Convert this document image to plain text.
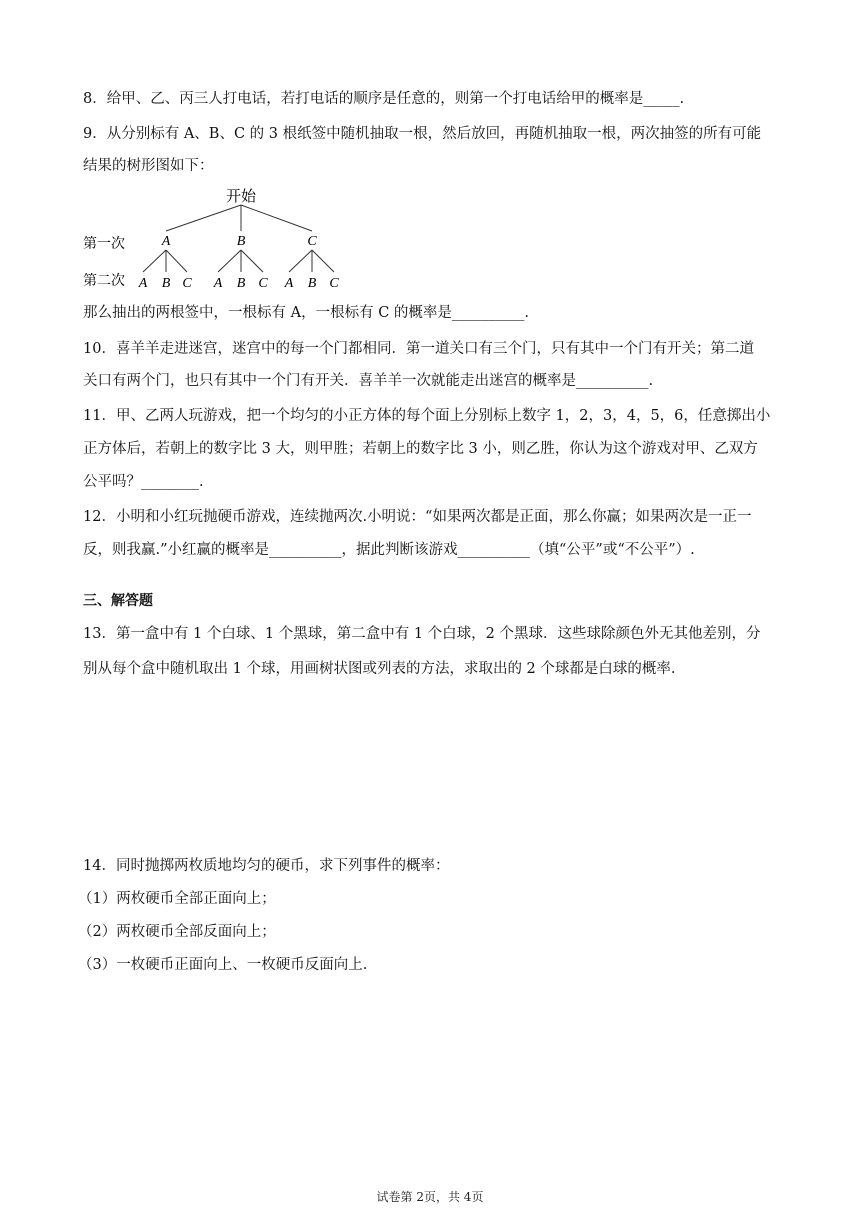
8．给甲、乙、丙三人打电话，若打电话的顺序是任意的，则第一个打电话给甲的概率是_____.
9．从分别标有 A、B、C 的 3 根纸签中随机抽取一根，然后放回，再随机抽取一根，两次抽签的所有可能
结果的树形图如下：
开始
第一次
第二次
A	B	C
A B C A B C A B C
那么抽出的两根签中，一根标有 A，一根标有 C 的概率是__________.
10．喜羊羊走进迷宫，迷宫中的每一个门都相同．第一道关口有三个门，只有其中一个门有开关；第二道
关口有两个门，也只有其中一个门有开关．喜羊羊一次就能走出迷宫的概率是__________.
11．甲、乙两人玩游戏，把一个均匀的小正方体的每个面上分别标上数字 1，2，3，4，5，6，任意掷出小
正方体后，若朝上的数字比 3 大，则甲胜；若朝上的数字比 3 小，则乙胜，你认为这个游戏对甲、乙双方
公平吗？________.
12．小明和小红玩抛硬币游戏，连续抛两次.小明说：“如果两次都是正面，那么你赢；如果两次是一正一
反，则我赢.”小红赢的概率是__________，据此判断该游戏__________（填“公平”或“不公平”）.
三、解答题
13．第一盒中有 1 个白球、1 个黑球，第二盒中有 1 个白球，2 个黑球．这些球除颜色外无其他差别，分
别从每个盒中随机取出 1 个球，用画树状图或列表的方法，求取出的 2 个球都是白球的概率.
14．同时抛掷两枚质地均匀的硬币，求下列事件的概率：
（1）两枚硬币全部正面向上；
（2）两枚硬币全部反面向上；
（3）一枚硬币正面向上、一枚硬币反面向上.
试卷第 2页，共 4页
